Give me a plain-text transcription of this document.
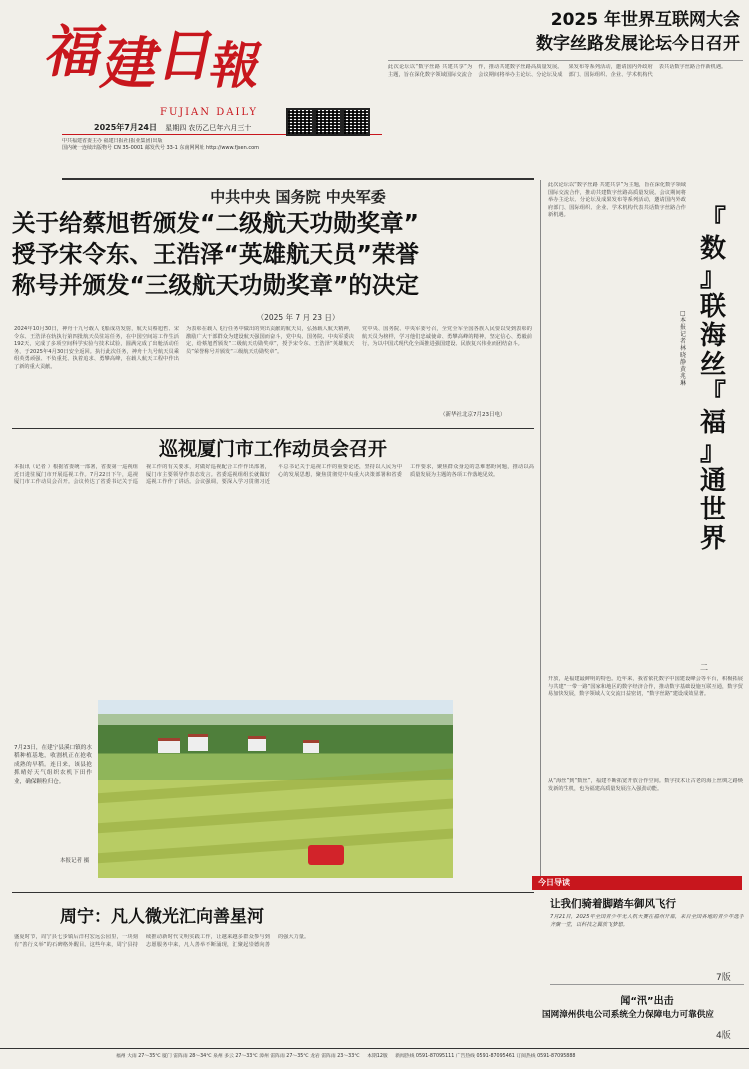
福
建
日
報
FUJIAN DAILY
2025年7月24日 星期四 农历乙巳年六月三十
中共福建省委主办 福建日报社(报业集团)出版
国内统一连续出版物号 CN 35-0001 邮发代号 33-1 东南网网址 http://www.fjsen.com
2025 年世界互联网大会
数字丝路发展论坛今日召开
此次论坛以“数字丝路 共建共享”为主题，旨在深化数字领域国际交流合作，推动共建数字丝路高质量发展。会议期间将举办主论坛、分论坛及成果发布等系列活动，邀请国内外政府部门、国际组织、企业、学术机构代表共话数字丝路合作新机遇。
中共中央 国务院 中央军委
关于给蔡旭哲颁发“二级航天功勋奖章”
授予宋令东、王浩泽“英雄航天员”荣誉
称号并颁发“三级航天功勋奖章”的决定
（2025 年 7 月 23 日）
2024年10月30日，神舟十九号载人飞船成功发射，航天员蔡旭哲、宋令东、王浩泽在轨执行第四批航天员驻站任务，在中国空间站工作生活192天，完成了多项空间科学实验与技术试验，圆满完成了出舱活动任务，于2025年4月30日安全返回。执行此次任务，神舟十九号航天员乘组英勇顽强、不负重托、执着追求、勇攀高峰，在载人航天工程中作出了新的重大贡献。
为表彰在载人飞行任务中做出的突出贡献的航天员，弘扬载人航天精神，激励广大干部群众为建设航天强国而奋斗，党中央、国务院、中央军委决定，给蔡旭哲颁发“二级航天功勋奖章”，授予宋令东、王浩泽“英雄航天员”荣誉称号并颁发“三级航天功勋奖章”。
党中央、国务院、中央军委号召，全党全军全国各族人民要以受到表彰的航天员为榜样，学习他们忠诚使命、勇攀高峰的精神，坚定信心、勇毅前行，为以中国式现代化全面推进强国建设、民族复兴伟业而团结奋斗。
（新华社北京7月23日电）
巡视厦门市工作动员会召开
本报讯（记者 ）根据省委统一部署，省委第一巡视组近日进驻厦门市开展巡视工作。7月22日下午，巡视厦门市工作动员会召开。会议传达了省委书记关于巡视工作的有关要求，对做好巡视配合工作作出部署，厦门市主要领导作表态发言。省委巡视组组长就做好巡视工作作了讲话。会议强调，要深入学习贯彻习近平总书记关于巡视工作的重要论述，坚持以人民为中心的发展思想，聚焦贯彻党中央重大决策部署和省委工作要求，聚焦群众身边的急难愁盼问题，推动以高质量发展为主题的各项工作落地见效。
7月23日，在建宁县溪口镇的水稻种植基地，收割机正在抢收成熟的早稻。连日来，该县抢抓晴好天气组织农机下田作业，确保颗粒归仓。
本报记者 摄
周宁：凡人微光汇向善星河
盛夏时节，周宁县七步镇后洋村宏远公园里，一块刻有“善行义举”的石碑格外醒目。这些年来，周宁县持续推动新时代文明实践工作，让越来越多群众参与到志愿服务中来，凡人善举不断涌现，汇聚起崇德向善的强大力量。
此次论坛以“数字丝路 共建共享”为主题，旨在深化数字领域国际交流合作，推动共建数字丝路高质量发展。会议期间将举办主论坛、分论坛及成果发布等系列活动，邀请国内外政府部门、国际组织、企业、学术机构代表共话数字丝路合作新机遇。	『
数
』
联
海
丝
『
福
』
通
世
界
□本报记者 林晓静 黄兆琳
二
开放，是福建最鲜明的特色。近年来，我省依托数字中国建设峰会等平台，积极拓展与共建“一带一路”国家和地区的数字经济合作，推动数字基础设施互联互通，数字贸易加快发展，数字领域人文交流日益密切，“数字丝路”建设成效显著。
从“海丝”到“数丝”，福建不断拓宽开放合作空间。数字技术让古老的海上丝绸之路焕发新的生机，也为福建高质量发展注入强劲动能。
今日导读
让我们骑着脚踏车御风飞行
7月21日，2025年全国青少年无人机大赛在福州开幕，来自全国各地的青少年选手齐聚一堂，以科技之翼放飞梦想。
7版
闻“汛”出击
国网漳州供电公司系统全力保障电力可靠供应
4版
福州 大雨 27～35℃ 厦门 雷阵雨 28～34℃ 泉州 多云 27～33℃ 漳州 雷阵雨 27～35℃ 龙岩 雷阵雨 23～33℃ 本期12版 新闻热线 0591-87095111 广告热线 0591-87095461 订阅热线 0591-87095888
